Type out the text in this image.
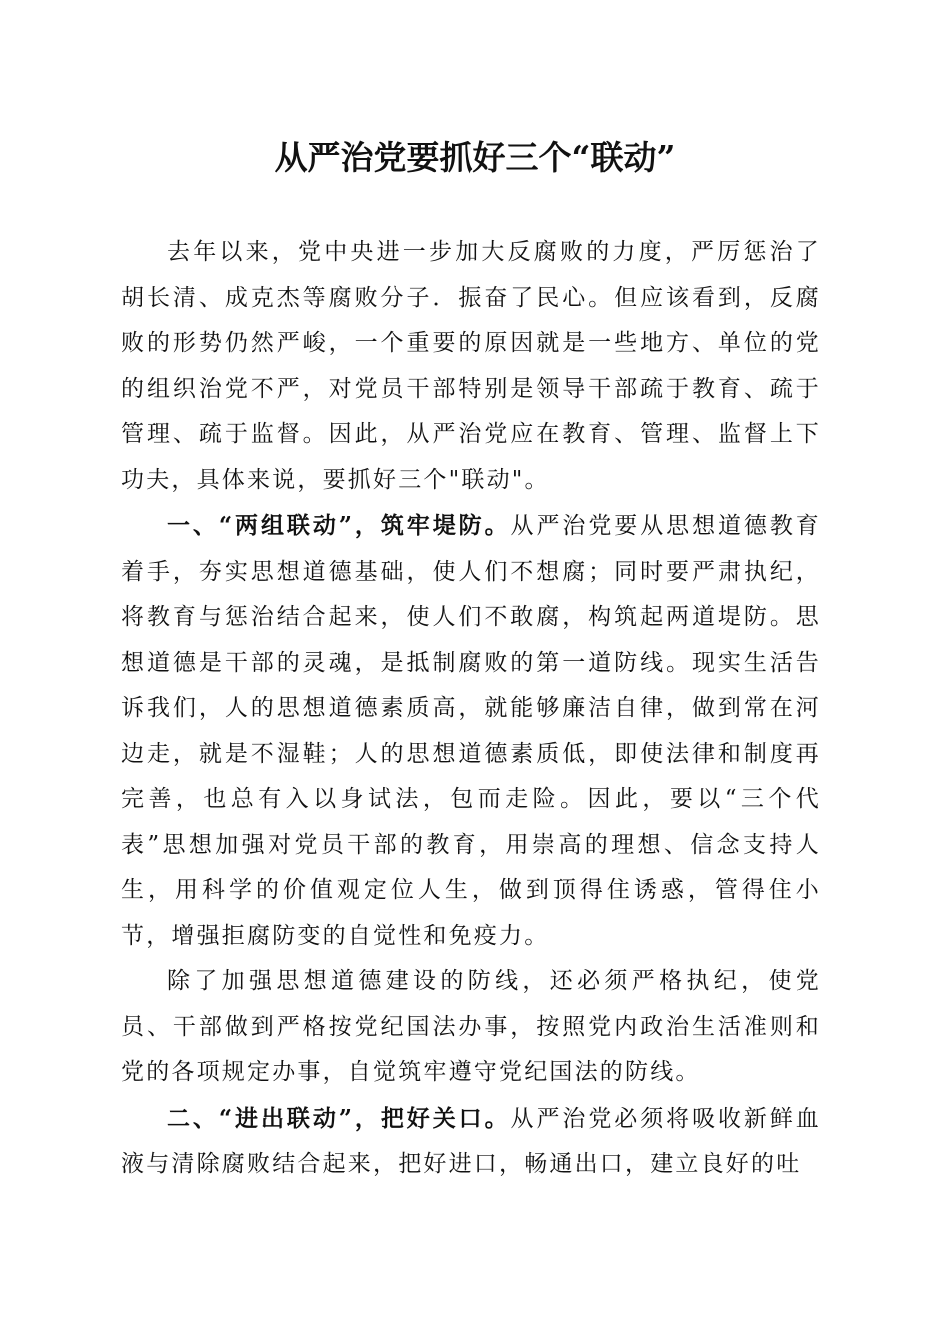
从严治党要抓好三个“联动”

去年以来，党中央进一步加大反腐败的力度，严厉惩治了胡长清、成克杰等腐败分子．振奋了民心。但应该看到，反腐败的形势仍然严峻，一个重要的原因就是一些地方、单位的党的组织治党不严，对党员干部特别是领导干部疏于教育、疏于管理、疏于监督。因此，从严治党应在教育、管理、监督上下功夫，具体来说，要抓好三个"联动"。

一、“两组联动”，筑牢堤防。从严治党要从思想道德教育着手，夯实思想道德基础，使人们不想腐；同时要严肃执纪，将教育与惩治结合起来，使人们不敢腐，构筑起两道堤防。思想道德是干部的灵魂，是抵制腐败的第一道防线。现实生活告诉我们，人的思想道德素质高，就能够廉洁自律，做到常在河边走，就是不湿鞋；人的思想道德素质低，即使法律和制度再完善，也总有入以身试法，包而走险。因此，要以“三个代表”思想加强对党员干部的教育，用崇高的理想、信念支持人生，用科学的价值观定位人生，做到顶得住诱惑，管得住小节，增强拒腐防变的自觉性和免疫力。

除了加强思想道德建设的防线，还必须严格执纪，使党员、干部做到严格按党纪国法办事，按照党内政治生活准则和党的各项规定办事，自觉筑牢遵守党纪国法的防线。

二、“进出联动”，把好关口。从严治党必须将吸收新鲜血液与清除腐败结合起来，把好进口，畅通出口，建立良好的吐
